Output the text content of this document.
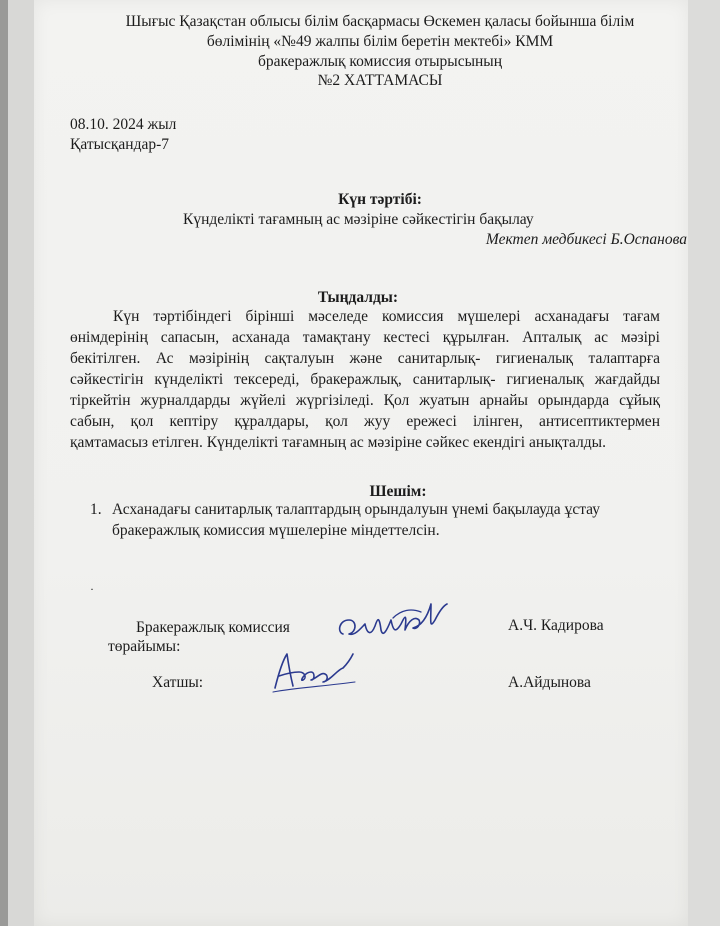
Шығыс Қазақстан облысы білім басқармасы Өскемен қаласы бойынша білім
бөлімінің «№49 жалпы білім беретін мектебі» КММ
бракеражлық комиссия отырысының
№2 ХАТТАМАСЫ
08.10. 2024 жыл
Қатысқандар-7
Күн тәртібі:
Күнделікті тағамның ас мәзіріне сәйкестігін бақылау
Мектеп медбикесі Б.Оспанова
Тыңдалды:
Күн тәртібіндегі бірінші мәселеде комиссия мүшелері асханадағы тағам
өнімдерінің сапасын, асханада тамақтану кестесі құрылған. Апталық ас мәзірі
бекітілген. Ас мәзірінің сақталуын және санитарлық- гигиеналық талаптарға
сәйкестігін күнделікті тексереді, бракеражлық, санитарлық- гигиеналық жағдайды
тіркейтін журналдарды жүйелі жүргізіледі. Қол жуатын арнайы орындарда сұйық
сабын, қол кептіру құралдары, қол жуу ережесі ілінген, антисептиктермен
қамтамасыз етілген. Күнделікті тағамның ас мәзіріне сәйкес екендігі анықталды.
Шешім:
1. Асханадағы санитарлық талаптардың орындалуын үнемі бақылауда ұстау
бракеражлық комиссия мүшелеріне міндеттелсін.
Бракеражлық комиссия
төрайымы:
А.Ч. Кадирова
Хатшы:	А.Айдынова
·
